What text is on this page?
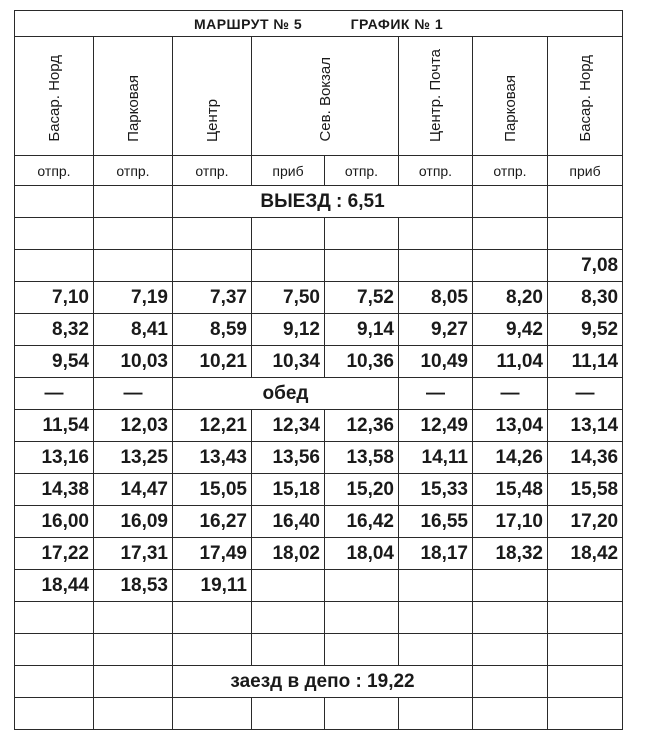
МАРШРУТ № 5 ГРАФИК № 1							
Басар. Норд	Парковая	Центр	Сев. Вокзал		Центр. Почта	Парковая	Басар. Норд
отпр.	отпр.	отпр.	приб	отпр.	отпр.	отпр.	приб
		ВЫЕЗД : 6,51					

							7,08
7,10	7,19	7,37	7,50	7,52	8,05	8,20	8,30
8,32	8,41	8,59	9,12	9,14	9,27	9,42	9,52
9,54	10,03	10,21	10,34	10,36	10,49	11,04	11,14
—	—	обед			—	—	—
11,54	12,03	12,21	12,34	12,36	12,49	13,04	13,14
13,16	13,25	13,43	13,56	13,58	14,11	14,26	14,36
14,38	14,47	15,05	15,18	15,20	15,33	15,48	15,58
16,00	16,09	16,27	16,40	16,42	16,55	17,10	17,20
17,22	17,31	17,49	18,02	18,04	18,17	18,32	18,42
18,44	18,53	19,11					

		заезд в депо : 19,22					
